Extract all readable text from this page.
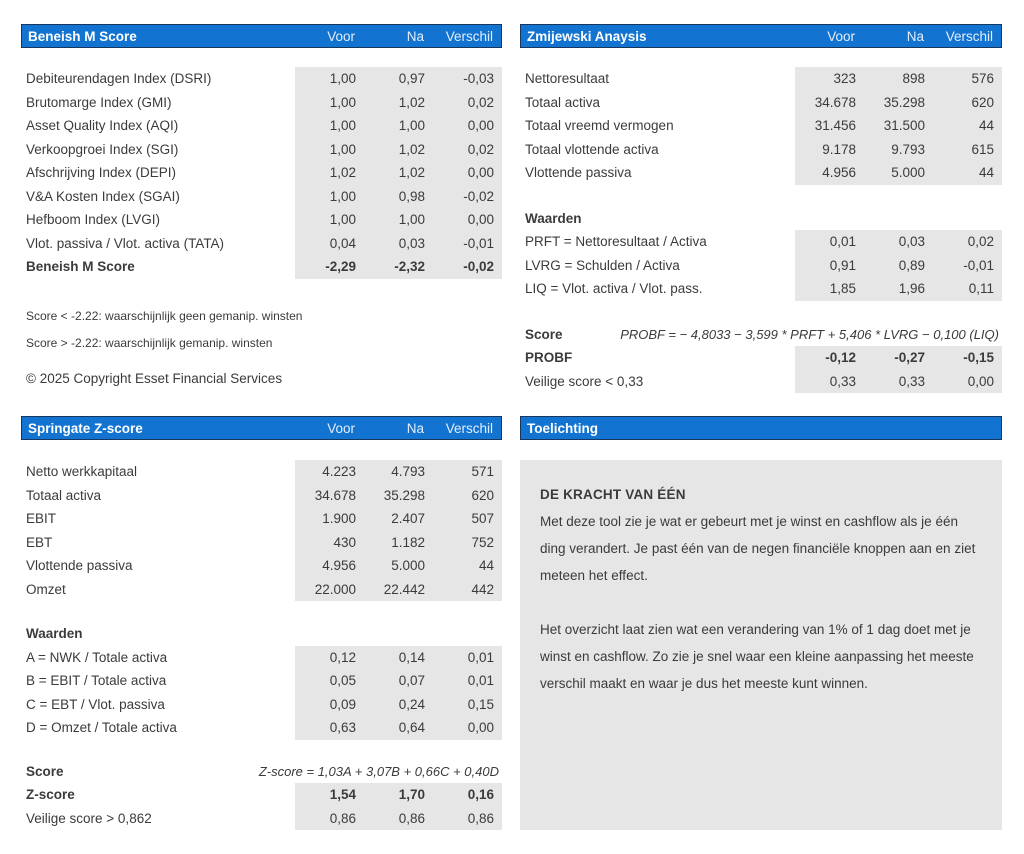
Beneish M Score	Voor	Na	Verschil
Debiteurendagen Index (DSRI)	1,00	0,97	-0,03
Brutomarge Index (GMI)	1,00	1,02	0,02
Asset Quality Index (AQI)	1,00	1,00	0,00
Verkoopgroei Index (SGI)	1,00	1,02	0,02
Afschrijving Index (DEPI)	1,02	1,02	0,00
V&A Kosten Index (SGAI)	1,00	0,98	-0,02
Hefboom Index (LVGI)	1,00	1,00	0,00
Vlot. passiva / Vlot. activa (TATA)	0,04	0,03	-0,01
Beneish M Score	-2,29	-2,32	-0,02
Score < -2.22: waarschijnlijk geen gemanip. winsten
Score > -2.22: waarschijnlijk gemanip. winsten
© 2025 Copyright Esset Financial Services
Zmijewski Anaysis	Voor	Na	Verschil
Nettoresultaat	323	898	576
Totaal activa	34.678	35.298	620
Totaal vreemd vermogen	31.456	31.500	44
Totaal vlottende activa	9.178	9.793	615
Vlottende passiva	4.956	5.000	44
Waarden
PRFT = Nettoresultaat / Activa	0,01	0,03	0,02
LVRG = Schulden / Activa	0,91	0,89	-0,01
LIQ = Vlot. activa / Vlot. pass.	1,85	1,96	0,11
Score	PROBF = − 4,8033 − 3,599 * PRFT + 5,406 * LVRG − 0,100 (LIQ)
PROBF	-0,12	-0,27	-0,15
Veilige score < 0,33	0,33	0,33	0,00
Springate Z-score	Voor	Na	Verschil
Netto werkkapitaal	4.223	4.793	571
Totaal activa	34.678	35.298	620
EBIT	1.900	2.407	507
EBT	430	1.182	752
Vlottende passiva	4.956	5.000	44
Omzet	22.000	22.442	442
Waarden
A = NWK / Totale activa	0,12	0,14	0,01
B = EBIT / Totale activa	0,05	0,07	0,01
C = EBT / Vlot. passiva	0,09	0,24	0,15
D = Omzet / Totale activa	0,63	0,64	0,00
Score	Z-score = 1,03A + 3,07B + 0,66C + 0,40D
Z-score	1,54	1,70	0,16
Veilige score > 0,862	0,86	0,86	0,86
Toelichting
DE KRACHT VAN ÉÉN

Met deze tool zie je wat er gebeurt met je winst en cashflow als je één ding verandert. Je past één van de negen financiële knoppen aan en ziet meteen het effect.

Het overzicht laat zien wat een verandering van 1% of 1 dag doet met je winst en cashflow. Zo zie je snel waar een kleine aanpassing het meeste verschil maakt en waar je dus het meeste kunt winnen.
